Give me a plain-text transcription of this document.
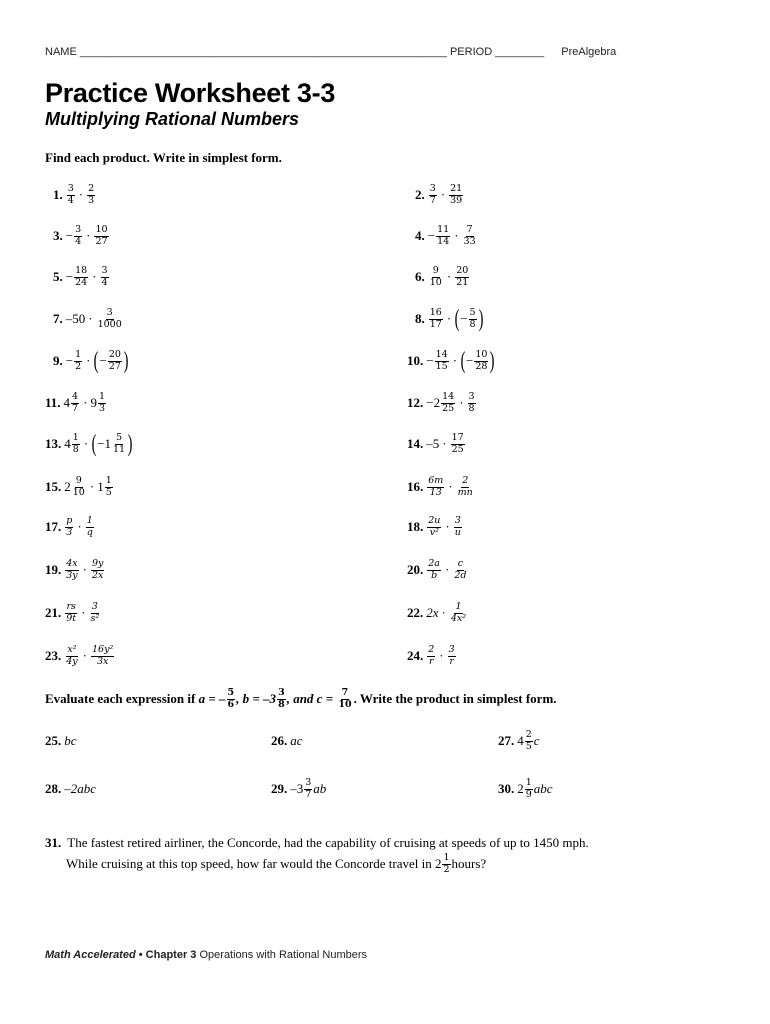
NAME ____________________________________________________________ PERIOD ________ PreAlgebra
Practice Worksheet 3-3
Multiplying Rational Numbers
Find each product. Write in simplest form.
1. $\frac{3}{4} \cdot \frac{2}{3}$	2. $\frac{3}{7} \cdot \frac{21}{39}$
3. − $\frac{3}{4} \cdot \frac{10}{27}$	4. − $\frac{11}{14} \cdot \frac{7}{33}$
5. − $\frac{18}{24} \cdot \frac{3}{4}$	6. $\frac{9}{10} \cdot \frac{20}{21}$
7. $-50 \cdot \frac{3}{1000}$	8. $\frac{16}{17}$ · ( − $\frac{5}{8}$ )
9. − $\frac{1}{2}$ · ( − $\frac{20}{27}$ )	10. − $\frac{14}{15}$ · ( − $\frac{10}{28}$ )
11. $4 \frac{4}{7} \cdot 9 \frac{1}{3}$	12. − $2 \frac{14}{25} \cdot \frac{3}{8}$
13. $4 \frac{1}{8}$ · ( − $1 \frac{5}{11}$ )	14. $-5 \cdot \frac{17}{25}$
15. $2 \frac{9}{10} \cdot 1 \frac{1}{5}$	16. $\frac{6m}{13} \cdot \frac{2}{mn}$
17. $\frac{p}{3} \cdot \frac{1}{q}$	18. $\frac{2u}{\text{v²}} \cdot \frac{3}{u}$
19. $\frac{4x}{3y} \cdot \frac{9y}{2x}$	20. $\frac{2a}{b} \cdot \frac{c}{2d}$
21. $\frac{rs}{9t} \cdot \frac{3}{\text{s²}}$	22. $2x \cdot \frac{1}{\text{4x²}}$
23. $\frac{\text{x²}}{4y} \cdot \frac{\text{16y²}}{3x}$	24. $\frac{2}{r} \cdot \frac{3}{r}$
Evaluate each expression if
a = – $\frac{5}{6}$ , $b = -3 \frac{3}{8}$ , and c =
$\frac{7}{10}$ . Write the product in simplest form.
25. bc	26. ac	27. $4 \frac{2}{5}$ c
28. –2abc	29. $-3 \frac{3}{7}$ ab	30. $2 \frac{1}{9}$ abc
31. The fastest retired airliner, the Concorde, had the capability of cruising at speeds of up to 1450 mph.
While cruising at this top speed, how far would the Concorde travel in $2 \frac{1}{2}$ hours?
Math Accelerated • Chapter 3 Operations with Rational Numbers
